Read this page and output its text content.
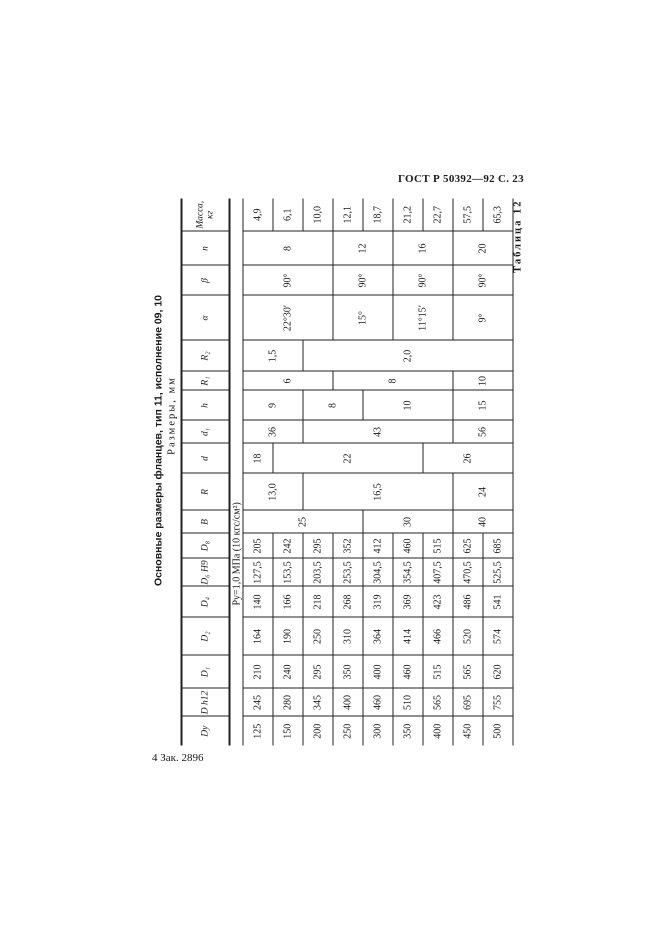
ГОСТ Р 50392—92 С. 23
Основные размеры фланцев, тип 11, исполнение 09, 10 Размеры, мм
Dу	D h12	D₁	D₂	D₄	D₆ H9	D₈	B	R	d	d₁	h	R₁	R₂	α	β	n	Масса, кг
Pу=1,0 МПа (10 кгс/см²)																	
125	245	210	164	140	127,5	205	25	13,0	18	36	9	6	1,5	22°30′	90°	8	4,9
150	280	240	190	166	153,5	242			22								6,1
200	345	295	250	218	203,5	295		16,5		43	8		2,0				10,0
250	400	350	310	268	253,5	352						8		15°	90°	12	12,1
300	460	400	364	319	304,5	412	30				10						18,7
350	510	460	414	369	354,5	460								11°15′	90°	16	21,2
400	565	515	466	423	407,5	515			26								22,7
450	695	565	520	486	470,5	625	40	24		56	15	10		9°	90°	20	57,5
500	755	620	574	541	525,5	685											65,3 Таблица 12
4 Зак. 2896
